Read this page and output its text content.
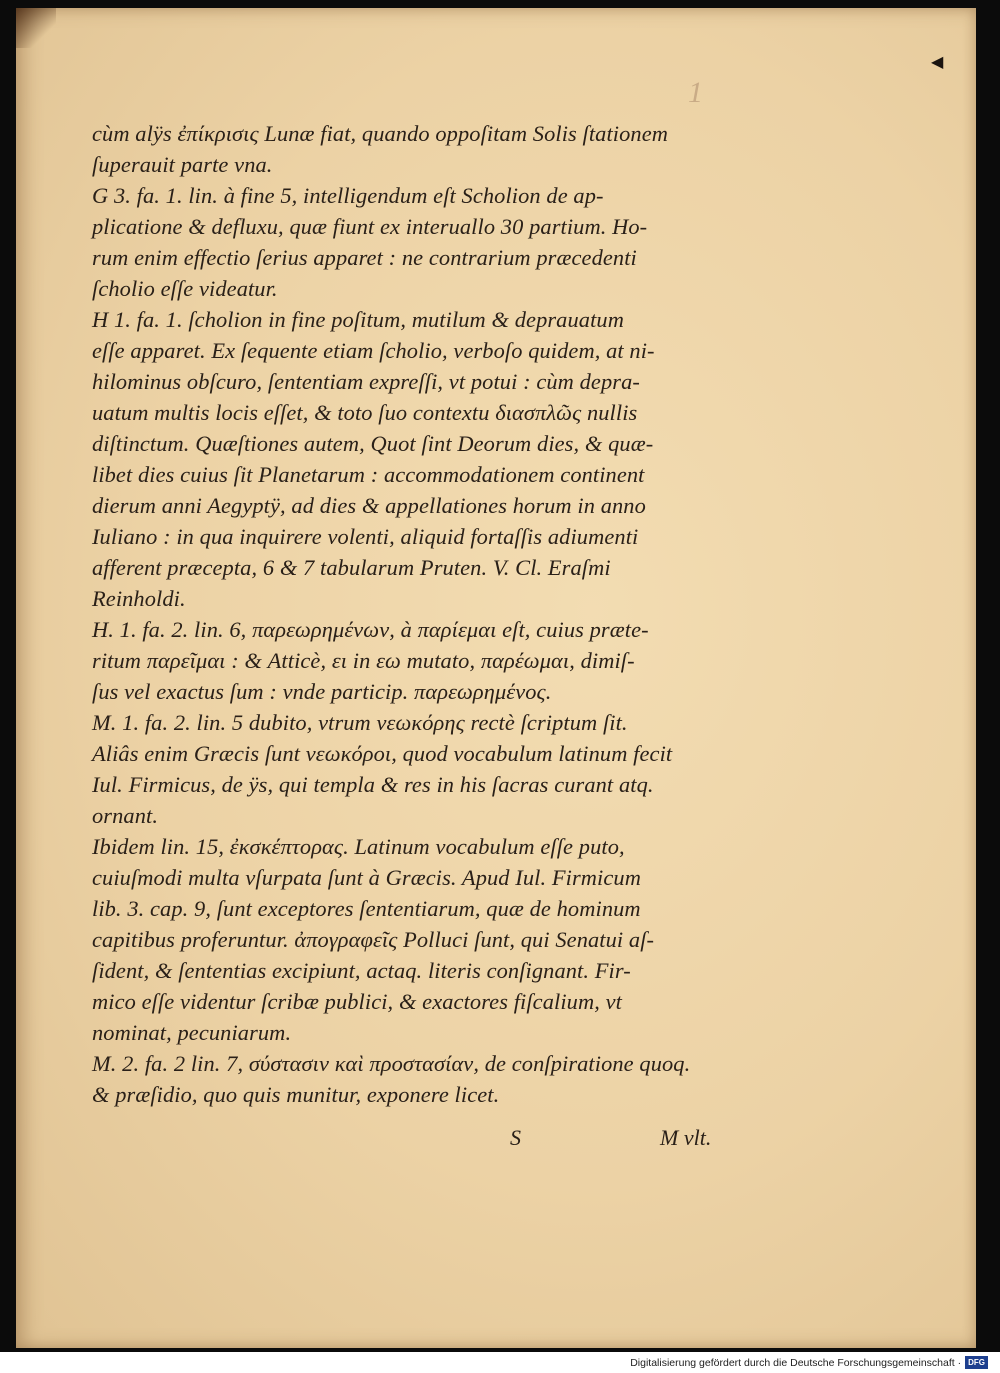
◀
1
cùm alÿs ἐπίκρισις Lunæ fiat, quando oppoſitam Solis ſtationem
ſuperauit parte vna.
G 3. fa. 1. lin. à fine 5, intelligendum eſt Scholion de ap-
plicatione & defluxu, quæ fiunt ex interuallo 30 partium. Ho-
rum enim effectio ſerius apparet : ne contrarium præcedenti
ſcholio eſſe videatur.
H 1. fa. 1. ſcholion in fine poſitum, mutilum & deprauatum
eſſe apparet. Ex ſequente etiam ſcholio, verboſo quidem, at ni-
hilominus obſcuro, ſententiam expreſſi, vt potui : cùm depra-
uatum multis locis eſſet, & toto ſuo contextu διασπλῶς nullis
diſtinctum. Quæſtiones autem, Quot ſint Deorum dies, & quæ-
libet dies cuius ſit Planetarum : accommodationem continent
dierum anni Aegyptÿ, ad dies & appellationes horum in anno
Iuliano : in qua inquirere volenti, aliquid fortaſſis adiumenti
afferent præcepta, 6 & 7 tabularum Pruten. V. Cl. Eraſmi
Reinholdi.
H. 1. fa. 2. lin. 6, παρεωρημένων, à παρίεμαι eſt, cuius præte-
ritum παρεῖμαι : & Atticè, ει in εω mutato, παρέωμαι, dimiſ-
ſus vel exactus ſum : vnde particip. παρεωρημένος.
M. 1. fa. 2. lin. 5 dubito, vtrum νεωκόρης rectè ſcriptum ſit.
Aliâs enim Græcis ſunt νεωκόροι, quod vocabulum latinum fecit
Iul. Firmicus, de ÿs, qui templa & res in his ſacras curant atq.
ornant.
Ibidem lin. 15, ἐκσκέπτορας. Latinum vocabulum eſſe puto,
cuiuſmodi multa vſurpata ſunt à Græcis. Apud Iul. Firmicum
lib. 3. cap. 9, ſunt exceptores ſententiarum, quæ de hominum
capitibus proferuntur. ἀπογραφεῖς Polluci ſunt, qui Senatui aſ-
ſident, & ſententias excipiunt, actaq. literis conſignant. Fir-
mico eſſe videntur ſcribæ publici, & exactores fiſcalium, vt
nominat, pecuniarum.
M. 2. fa. 2 lin. 7, σύστασιν καὶ προστασίαν, de conſpiratione quoq.
& præſidio, quo quis munitur, exponere licet.
S	M vlt.
Digitalisierung gefördert durch die Deutsche Forschungsgemeinschaft · DFG
